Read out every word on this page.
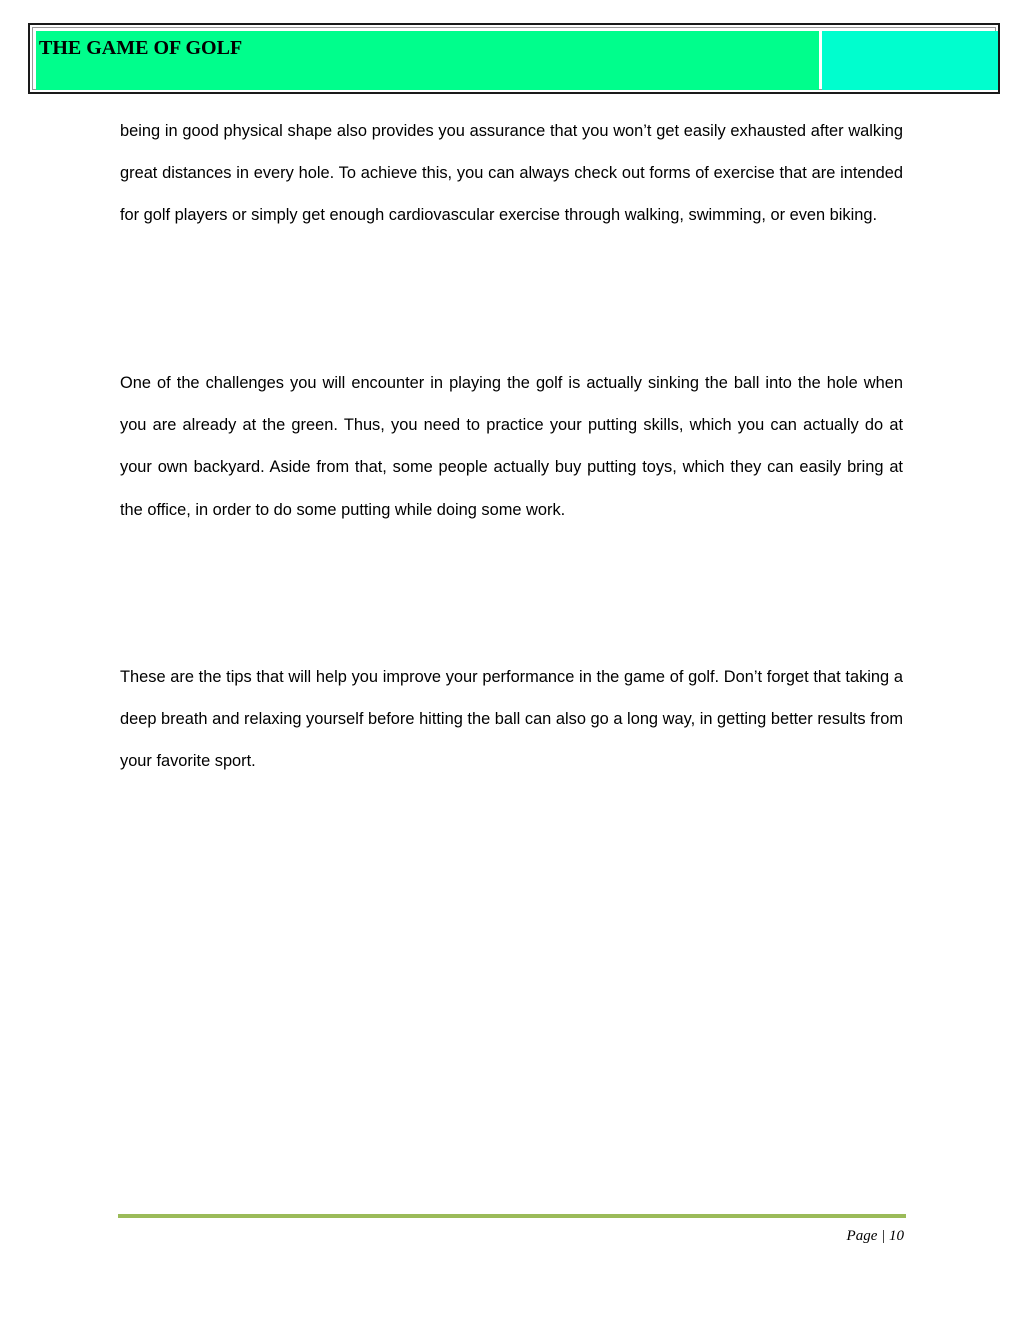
THE GAME OF GOLF

being in good physical shape also provides you assurance that you won’t get easily exhausted after walking great distances in every hole. To achieve this, you can always check out forms of exercise that are intended for golf players or simply get enough cardiovascular exercise through walking, swimming, or even biking.

One of the challenges you will encounter in playing the golf is actually sinking the ball into the hole when you are already at the green. Thus, you need to practice your putting skills, which you can actually do at your own backyard. Aside from that, some people actually buy putting toys, which they can easily bring at the office, in order to do some putting while doing some work.

These are the tips that will help you improve your performance in the game of golf. Don’t forget that taking a deep breath and relaxing yourself before hitting the ball can also go a long way, in getting better results from your favorite sport.

Page | 10
